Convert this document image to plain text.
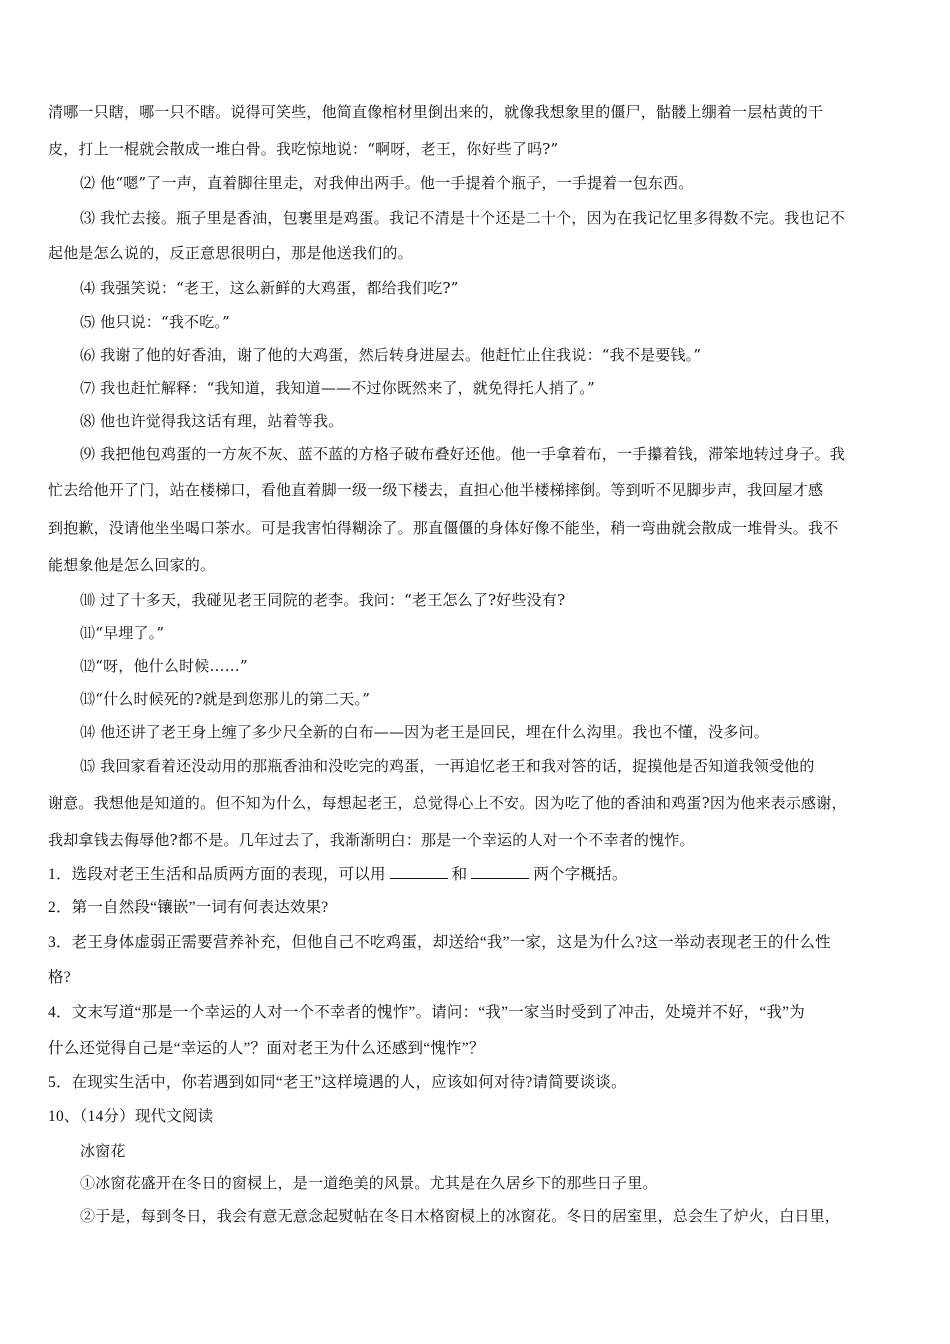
清哪一只瞎，哪一只不瞎。说得可笑些，他简直像棺材里倒出来的，就像我想象里的僵尸，骷髅上绷着一层枯黄的干
皮，打上一棍就会散成一堆白骨。我吃惊地说：“啊呀，老王，你好些了吗?”
⑵ 他“嗯”了一声，直着脚往里走，对我伸出两手。他一手提着个瓶子，一手提着一包东西。
⑶ 我忙去接。瓶子里是香油，包裹里是鸡蛋。我记不清是十个还是二十个，因为在我记忆里多得数不完。我也记不
起他是怎么说的，反正意思很明白，那是他送我们的。
⑷ 我强笑说：“老王，这么新鲜的大鸡蛋，都给我们吃?”
⑸ 他只说：“我不吃。”
⑹ 我谢了他的好香油，谢了他的大鸡蛋，然后转身进屋去。他赶忙止住我说：“我不是要钱。”
⑺ 我也赶忙解释：“我知道，我知道——不过你既然来了，就免得托人捎了。”
⑻ 他也许觉得我这话有理，站着等我。
⑼ 我把他包鸡蛋的一方灰不灰、蓝不蓝的方格子破布叠好还他。他一手拿着布，一手攥着钱，滞笨地转过身子。我
忙去给他开了门，站在楼梯口，看他直着脚一级一级下楼去，直担心他半楼梯摔倒。等到听不见脚步声，我回屋才感
到抱歉，没请他坐坐喝口茶水。可是我害怕得糊涂了。那直僵僵的身体好像不能坐，稍一弯曲就会散成一堆骨头。我不
能想象他是怎么回家的。
⑽ 过了十多天，我碰见老王同院的老李。我问：“老王怎么了?好些没有?
⑾“早埋了。”
⑿“呀，他什么时候……”
⒀“什么时候死的?就是到您那儿的第二天。”
⒁ 他还讲了老王身上缠了多少尺全新的白布——因为老王是回民，埋在什么沟里。我也不懂，没多问。
⒂ 我回家看着还没动用的那瓶香油和没吃完的鸡蛋，一再追忆老王和我对答的话，捉摸他是否知道我领受他的
谢意。我想他是知道的。但不知为什么，每想起老王，总觉得心上不安。因为吃了他的香油和鸡蛋?因为他来表示感谢，
我却拿钱去侮辱他?都不是。几年过去了，我渐渐明白：那是一个幸运的人对一个不幸者的愧怍。
1．选段对老王生活和品质两方面的表现，可以用	和	两个字概括。
2．第一自然段“镶嵌”一词有何表达效果?
3．老王身体虚弱正需要营养补充，但他自己不吃鸡蛋，却送给“我”一家，这是为什么?这一举动表现老王的什么性
格?
4．文末写道“那是一个幸运的人对一个不幸者的愧怍”。请问：“我”一家当时受到了冲击，处境并不好，“我”为
什么还觉得自己是“幸运的人”？面对老王为什么还感到“愧怍”？
5．在现实生活中，你若遇到如同“老王”这样境遇的人，应该如何对待?请简要谈谈。
10、（14分）现代文阅读
冰窗花
①冰窗花盛开在冬日的窗棂上，是一道绝美的风景。尤其是在久居乡下的那些日子里。
②于是，每到冬日，我会有意无意念起熨帖在冬日木格窗棂上的冰窗花。冬日的居室里，总会生了炉火，白日里，
